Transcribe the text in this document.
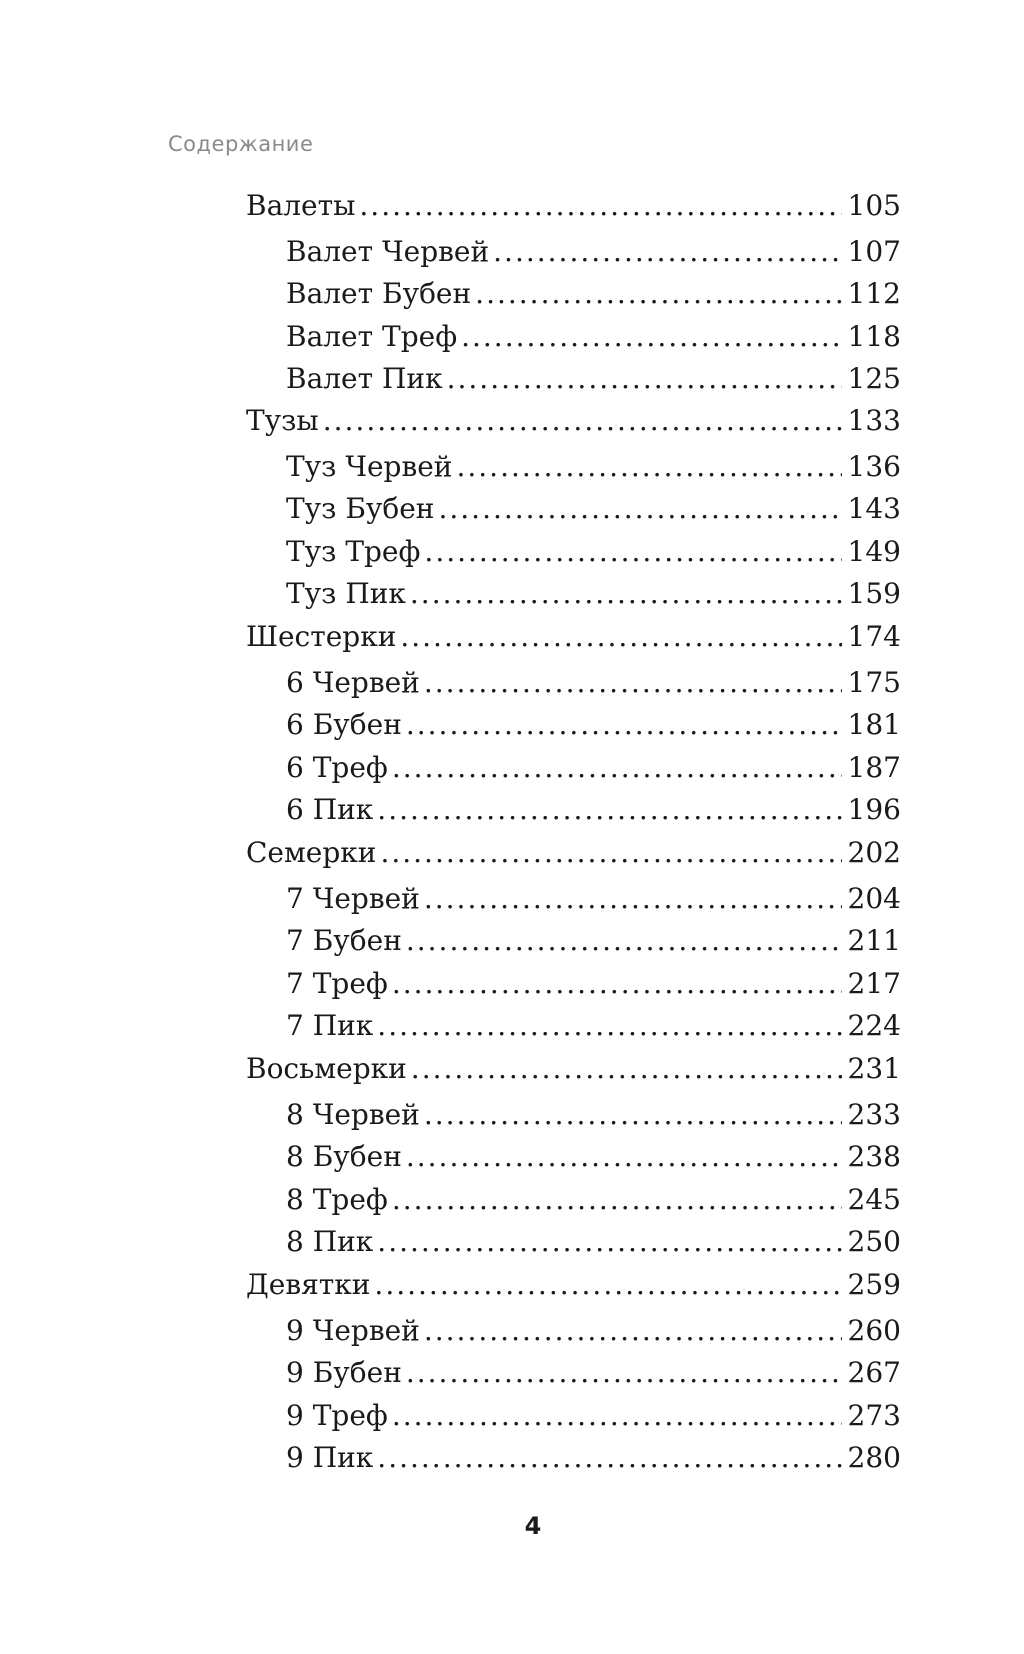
Содержание
Валеты .....	105
Валет Червей .....	107
Валет Бубен .....	112
Валет Треф .....	118
Валет Пик .....	125
Тузы .....	133
Туз Червей .....	136
Туз Бубен .....	143
Туз Треф .....	149
Туз Пик .....	159
Шестерки .....	174
6 Червей .....	175
6 Бубен .....	181
6 Треф .....	187
6 Пик .....	196
Семерки .....	202
7 Червей .....	204
7 Бубен .....	211
7 Треф .....	217
7 Пик .....	224
Восьмерки .....	231
8 Червей .....	233
8 Бубен .....	238
8 Треф .....	245
8 Пик .....	250
Девятки .....	259
9 Червей .....	260
9 Бубен .....	267
9 Треф .....	273
9 Пик .....	280
4
